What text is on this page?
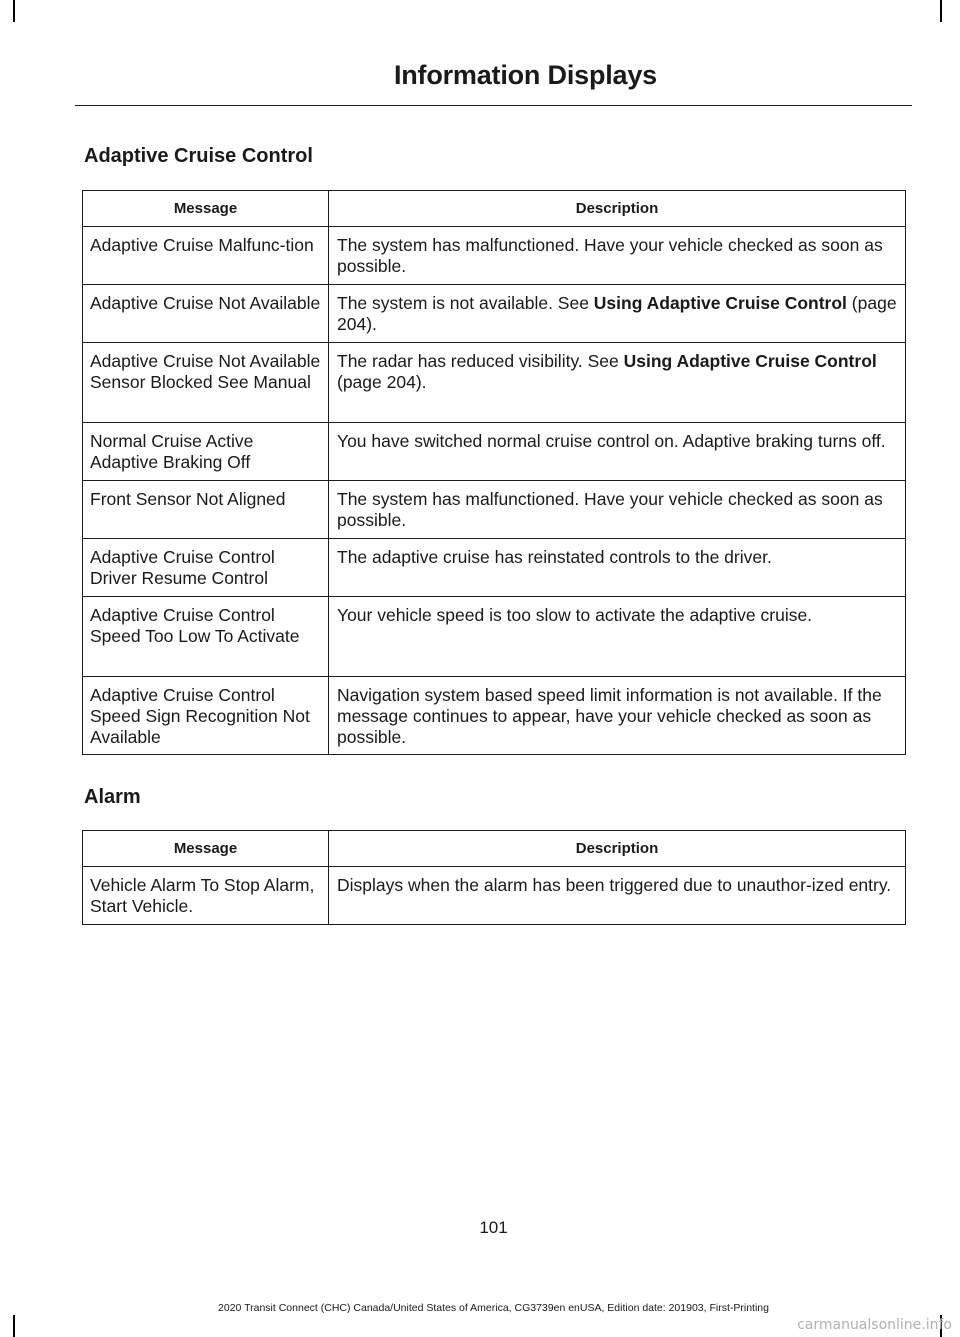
Information Displays
Adaptive Cruise Control
Message	Description
Adaptive Cruise Malfunc-tion	The system has malfunctioned. Have your vehicle checked as soon as possible.
Adaptive Cruise Not Available	The system is not available. See Using Adaptive Cruise Control (page 204).
Adaptive Cruise Not Available Sensor Blocked See Manual	The radar has reduced visibility. See Using Adaptive Cruise Control (page 204).
Normal Cruise Active Adaptive Braking Off	You have switched normal cruise control on. Adaptive braking turns off.
Front Sensor Not Aligned	The system has malfunctioned. Have your vehicle checked as soon as possible.
Adaptive Cruise Control Driver Resume Control	The adaptive cruise has reinstated controls to the driver.
Adaptive Cruise Control Speed Too Low To Activate	Your vehicle speed is too slow to activate the adaptive cruise.
Adaptive Cruise Control Speed Sign Recognition Not Available	Navigation system based speed limit information is not available. If the message continues to appear, have your vehicle checked as soon as possible.
Alarm
Message	Description
Vehicle Alarm To Stop Alarm, Start Vehicle.	Displays when the alarm has been triggered due to unauthor-ized entry.
101
2020 Transit Connect (CHC) Canada/United States of America, CG3739en enUSA, Edition date: 201903, First-Printing
carmanualsonline.info
